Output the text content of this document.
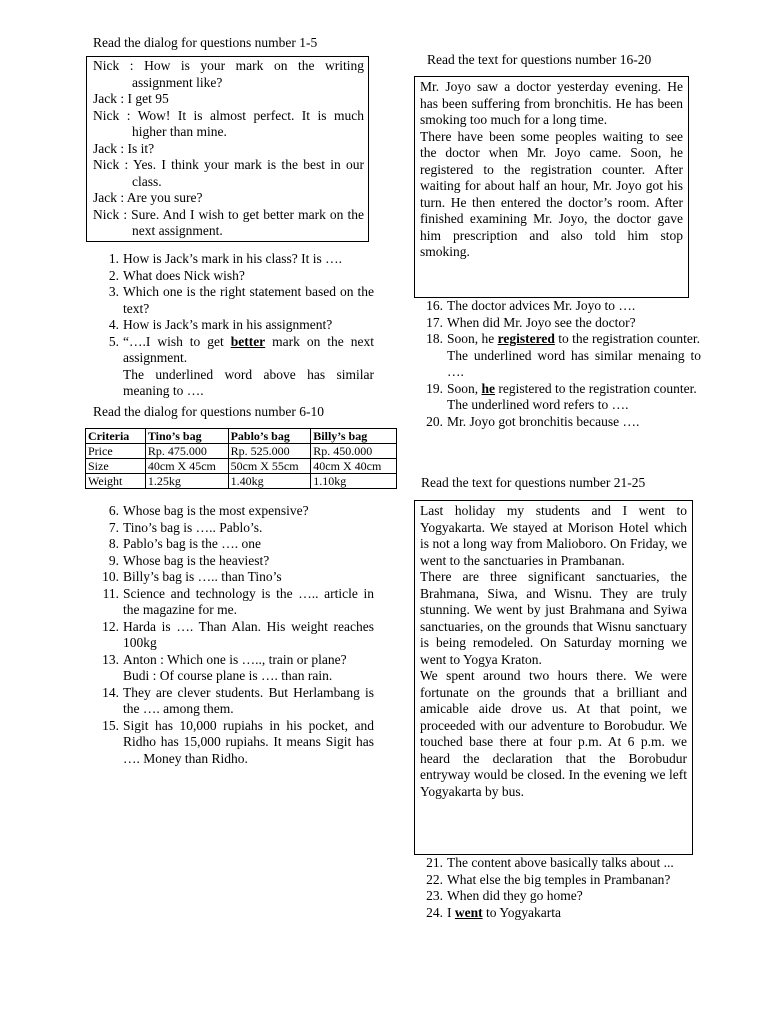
Read the dialog for questions number 1-5
Nick : How is your mark on the writing assignment like?
Jack : I get 95
Nick : Wow! It is almost perfect. It is much higher than mine.
Jack : Is it?
Nick : Yes. I think your mark is the best in our class.
Jack : Are you sure?
Nick : Sure. And I wish to get better mark on the next assignment.
1. How is Jack’s mark in his class? It is ….
2. What does Nick wish?
3. Which one is the right statement based on the text?
4. How is Jack’s mark in his assignment?
5. “….I wish to get better mark on the next assignment.
The underlined word above has similar meaning to ….
Read the dialog for questions number 6-10
Criteria	Tino’s bag	Pablo’s bag	Billy’s bag
Price	Rp. 475.000	Rp. 525.000	Rp. 450.000
Size	40cm X 45cm	50cm X 55cm	40cm X 40cm
Weight	1.25kg	1.40kg	1.10kg
6. Whose bag is the most expensive?
7. Tino’s bag is ….. Pablo’s.
8. Pablo’s bag is the …. one
9. Whose bag is the heaviest?
10. Billy’s bag is ….. than Tino’s
11. Science and technology is the ….. article in the magazine for me.
12. Harda is …. Than Alan. His weight reaches 100kg
13. Anton : Which one is ….., train or plane?
Budi : Of course plane is …. than rain.
14. They are clever students. But Herlambang is the …. among them.
15. Sigit has 10,000 rupiahs in his pocket, and Ridho has 15,000 rupiahs. It means Sigit has …. Money than Ridho.
Read the text for questions number 16-20
Mr. Joyo saw a doctor yesterday evening. He has been suffering from bronchitis. He has been smoking too much for a long time.
There have been some peoples waiting to see the doctor when Mr. Joyo came. Soon, he registered to the registration counter. After waiting for about half an hour, Mr. Joyo got his turn. He then entered the doctor’s room. After finished examining Mr. Joyo, the doctor gave him prescription and also told him stop smoking.
16. The doctor advices Mr. Joyo to ….
17. When did Mr. Joyo see the doctor?
18. Soon, he registered to the registration counter.
The underlined word has similar menaing to ….
19. Soon, he registered to the registration counter.
The underlined word refers to ….
20. Mr. Joyo got bronchitis because ….
Read the text for questions number 21-25
Last holiday my students and I went to Yogyakarta. We stayed at Morison Hotel which is not a long way from Malioboro. On Friday, we went to the sanctuaries in Prambanan.
There are three significant sanctuaries, the Brahmana, Siwa, and Wisnu. They are truly stunning. We went by just Brahmana and Syiwa sanctuaries, on the grounds that Wisnu sanctuary is being remodeled. On Saturday morning we went to Yogya Kraton.
We spent around two hours there. We were fortunate on the grounds that a brilliant and amicable aide drove us. At that point, we proceeded with our adventure to Borobudur. We touched base there at four p.m. At 6 p.m. we heard the declaration that the Borobudur entryway would be closed. In the evening we left Yogyakarta by bus.
21. The content above basically talks about ...
22. What else the big temples in Prambanan?
23. When did they go home?
24. I went to Yogyakarta
